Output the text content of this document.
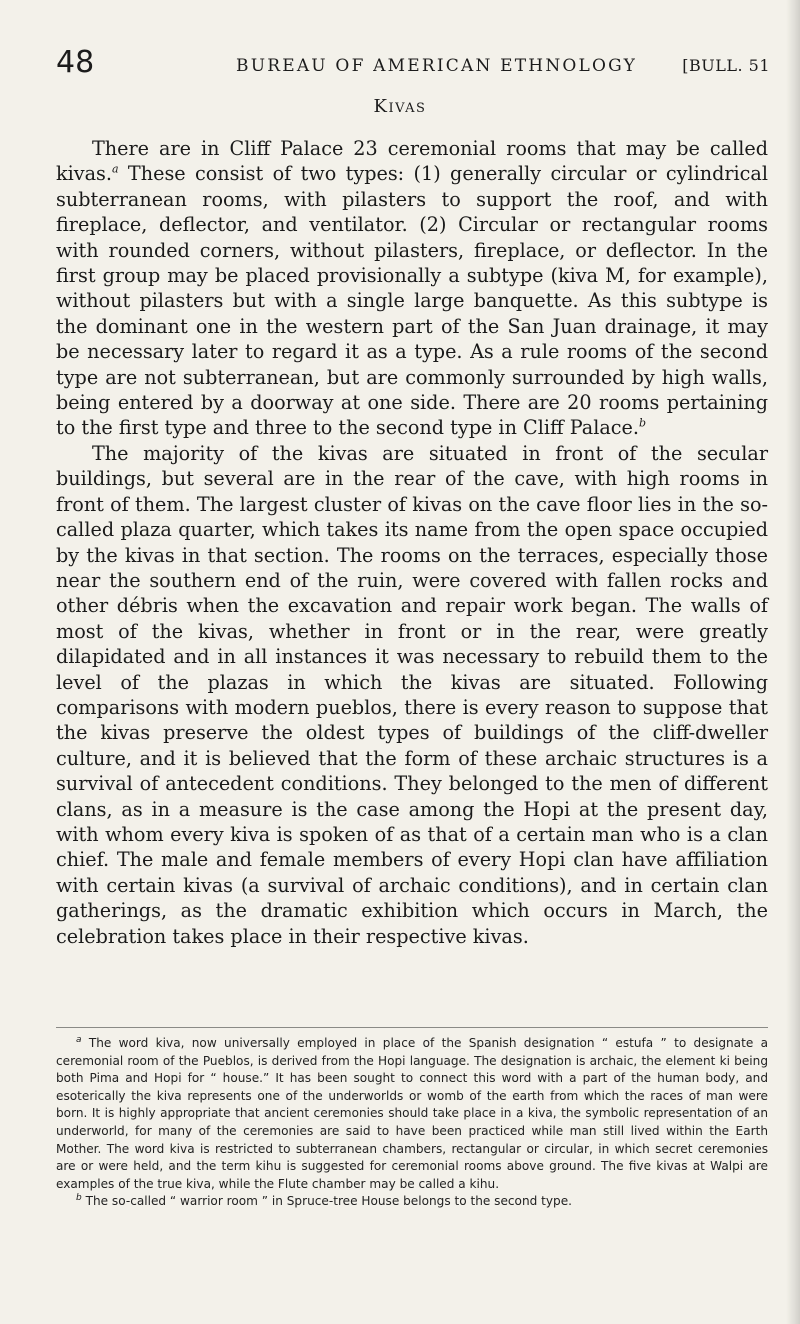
48	BUREAU OF AMERICAN ETHNOLOGY	[BULL. 51
Kivas

There are in Cliff Palace 23 ceremonial rooms that may be called kivas.$^a$ These consist of two types: (1) generally circular or cylindrical subterranean rooms, with pilasters to support the roof, and with fireplace, deflector, and ventilator. (2) Circular or rectangular rooms with rounded corners, without pilasters, fireplace, or deflector. In the first group may be placed provisionally a subtype (kiva M, for example), without pilasters but with a single large banquette. As this subtype is the dominant one in the western part of the San Juan drainage, it may be necessary later to regard it as a type. As a rule rooms of the second type are not subterranean, but are commonly surrounded by high walls, being entered by a doorway at one side. There are 20 rooms pertaining to the first type and three to the second type in Cliff Palace.$^b$

The majority of the kivas are situated in front of the secular buildings, but several are in the rear of the cave, with high rooms in front of them. The largest cluster of kivas on the cave floor lies in the so-called plaza quarter, which takes its name from the open space occupied by the kivas in that section. The rooms on the terraces, especially those near the southern end of the ruin, were covered with fallen rocks and other débris when the excavation and repair work began. The walls of most of the kivas, whether in front or in the rear, were greatly dilapidated and in all instances it was necessary to rebuild them to the level of the plazas in which the kivas are situated. Following comparisons with modern pueblos, there is every reason to suppose that the kivas preserve the oldest types of buildings of the cliff-dweller culture, and it is believed that the form of these archaic structures is a survival of antecedent conditions. They belonged to the men of different clans, as in a measure is the case among the Hopi at the present day, with whom every kiva is spoken of as that of a certain man who is a clan chief. The male and female members of every Hopi clan have affiliation with certain kivas (a survival of archaic conditions), and in certain clan gatherings, as the dramatic exhibition which occurs in March, the celebration takes place in their respective kivas.

$^a$ The word kiva, now universally employed in place of the Spanish designation “ estufa ” to designate a ceremonial room of the Pueblos, is derived from the Hopi language. The designation is archaic, the element ki being both Pima and Hopi for “ house.” It has been sought to connect this word with a part of the human body, and esoterically the kiva represents one of the underworlds or womb of the earth from which the races of man were born. It is highly appropriate that ancient ceremonies should take place in a kiva, the symbolic representation of an underworld, for many of the ceremonies are said to have been practiced while man still lived within the Earth Mother. The word kiva is restricted to subterranean chambers, rectangular or circular, in which secret ceremonies are or were held, and the term kihu is suggested for ceremonial rooms above ground. The five kivas at Walpi are examples of the true kiva, while the Flute chamber may be called a kihu.

$^b$ The so-called “ warrior room ” in Spruce-tree House belongs to the second type.
